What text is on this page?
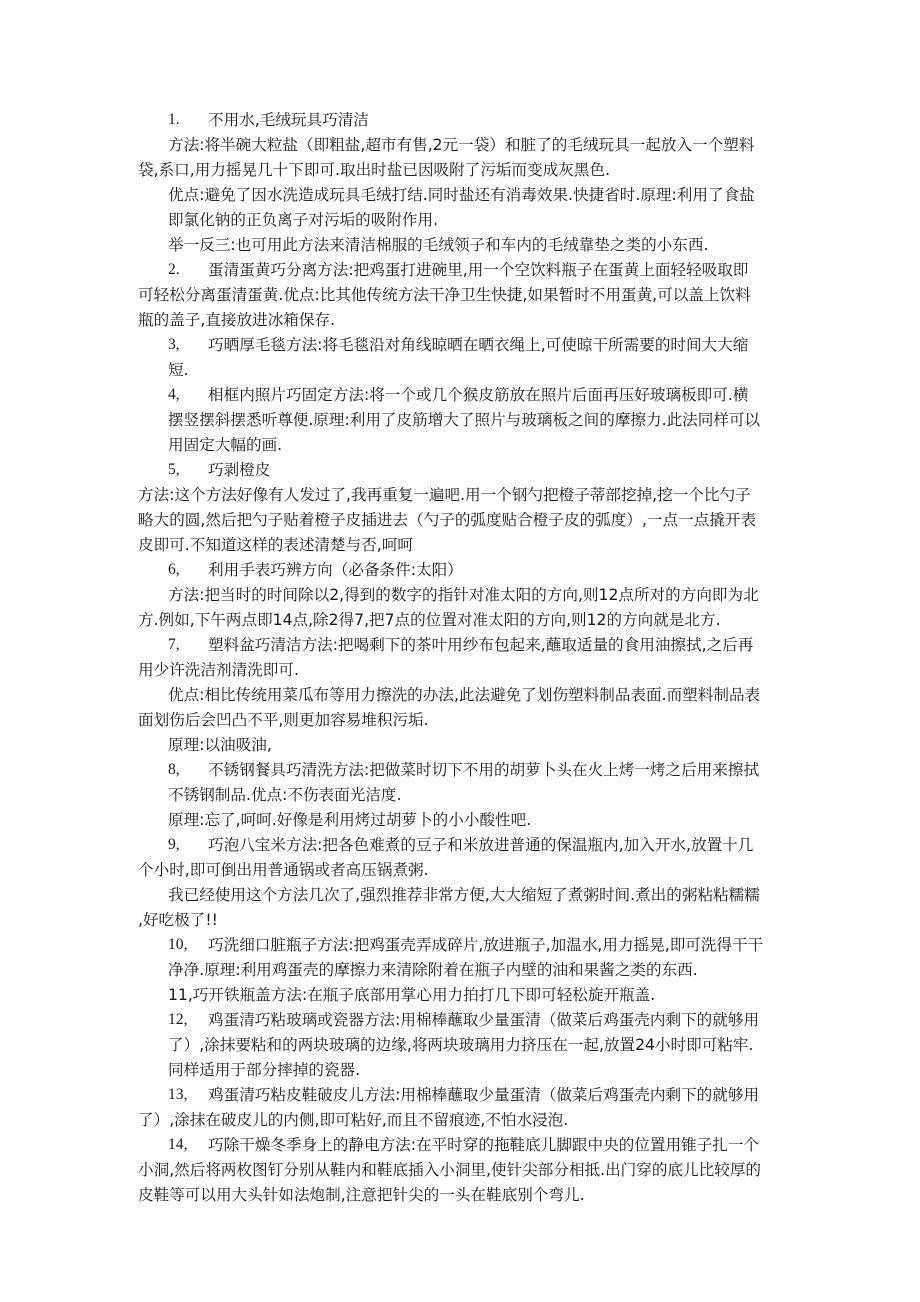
1. 不用水,毛绒玩具巧清洁
方法:将半碗大粒盐（即粗盐,超市有售,2元一袋）和脏了的毛绒玩具一起放入一个塑料
袋,系口,用力摇晃几十下即可.取出时盐已因吸附了污垢而变成灰黑色.
优点:避免了因水洗造成玩具毛绒打结.同时盐还有消毒效果.快捷省时.原理:利用了食盐
即氯化钠的正负离子对污垢的吸附作用.
举一反三:也可用此方法来清洁棉服的毛绒领子和车内的毛绒靠垫之类的小东西.
2. 蛋清蛋黄巧分离方法:把鸡蛋打进碗里,用一个空饮料瓶子在蛋黄上面轻轻吸取即
可轻松分离蛋清蛋黄.优点:比其他传统方法干净卫生快捷,如果暂时不用蛋黄,可以盖上饮料
瓶的盖子,直接放进冰箱保存.
3, 巧晒厚毛毯方法:将毛毯沿对角线晾晒在晒衣绳上,可使晾干所需要的时间大大缩
短.
4, 相框内照片巧固定方法:将一个或几个猴皮筋放在照片后面再压好玻璃板即可.横
摆竖摆斜摆悉听尊便.原理:利用了皮筋增大了照片与玻璃板之间的摩擦力.此法同样可以
用固定大幅的画.
5, 巧剥橙皮
方法:这个方法好像有人发过了,我再重复一遍吧.用一个钢勺把橙子蒂部挖掉,挖一个比勺子
略大的圆,然后把勺子贴着橙子皮插进去（勺子的弧度贴合橙子皮的弧度）,一点一点撬开表
皮即可.不知道这样的表述清楚与否,呵呵
6, 利用手表巧辨方向（必备条件:太阳）
方法:把当时的时间除以2,得到的数字的指针对准太阳的方向,则12点所对的方向即为北
方.例如,下午两点即14点,除2得7,把7点的位置对准太阳的方向,则12的方向就是北方.
7, 塑料盆巧清洁方法:把喝剩下的茶叶用纱布包起来,蘸取适量的食用油擦拭,之后再
用少许洗洁剂清洗即可.
优点:相比传统用菜瓜布等用力擦洗的办法,此法避免了划伤塑料制品表面.而塑料制品表
面划伤后会凹凸不平,则更加容易堆积污垢.
原理:以油吸油,
8, 不锈钢餐具巧清洗方法:把做菜时切下不用的胡萝卜头在火上烤一烤之后用来擦拭
不锈钢制品.优点:不伤表面光洁度.
原理:忘了,呵呵.好像是利用烤过胡萝卜的小小酸性吧.
9, 巧泡八宝米方法:把各色难煮的豆子和米放进普通的保温瓶内,加入开水,放置十几
个小时,即可倒出用普通锅或者高压锅煮粥.
我已经使用这个方法几次了,强烈推荐非常方便,大大缩短了煮粥时间.煮出的粥粘粘糯糯
,好吃极了!!
10, 巧洗细口脏瓶子方法:把鸡蛋壳弄成碎片,放进瓶子,加温水,用力摇晃,即可洗得干干
净净.原理:利用鸡蛋壳的摩擦力来清除附着在瓶子内壁的油和果酱之类的东西.
11,巧开铁瓶盖方法:在瓶子底部用掌心用力拍打几下即可轻松旋开瓶盖.
12, 鸡蛋清巧粘玻璃或瓷器方法:用棉棒蘸取少量蛋清（做菜后鸡蛋壳内剩下的就够用
了）,涂抹要粘和的两块玻璃的边缘,将两块玻璃用力挤压在一起,放置24小时即可粘牢.
同样适用于部分摔掉的瓷器.
13, 鸡蛋清巧粘皮鞋破皮儿方法:用棉棒蘸取少量蛋清（做菜后鸡蛋壳内剩下的就够用
了）,涂抹在破皮儿的内侧,即可粘好,而且不留痕迹,不怕水浸泡.
14, 巧除干燥冬季身上的静电方法:在平时穿的拖鞋底儿脚跟中央的位置用锥子扎一个
小洞,然后将两枚图钉分别从鞋内和鞋底插入小洞里,使针尖部分相抵.出门穿的底儿比较厚的
皮鞋等可以用大头针如法炮制,注意把针尖的一头在鞋底别个弯儿.
